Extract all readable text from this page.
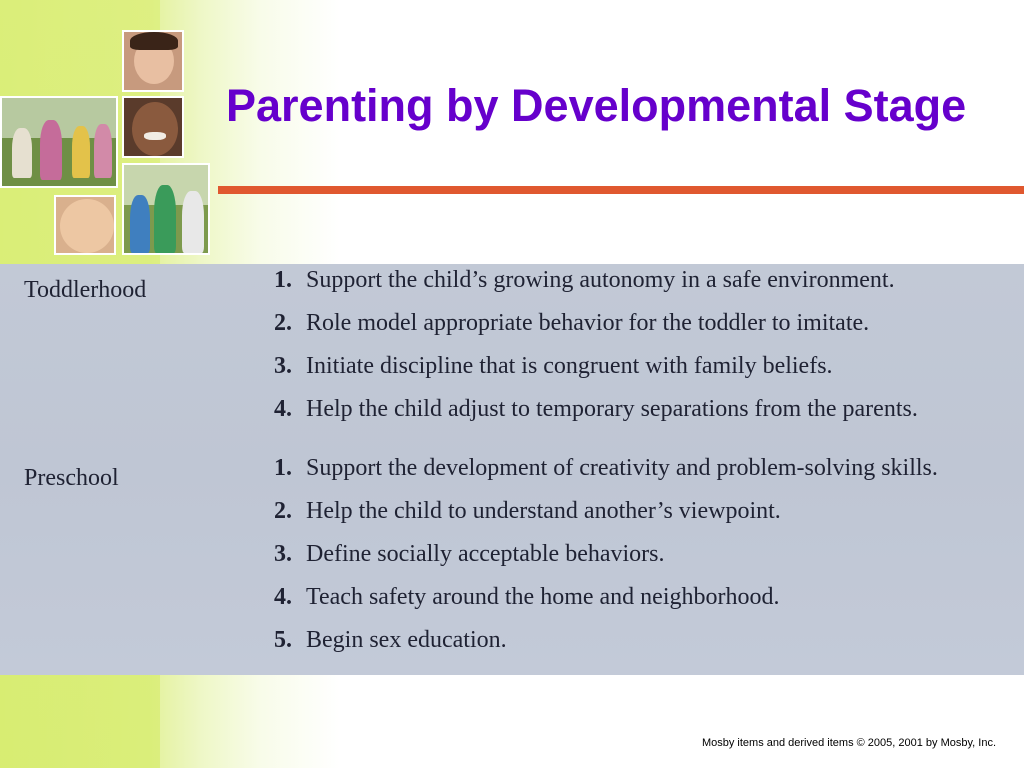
Parenting by Developmental Stage
Toddlerhood	1. Support the child’s growing autonomy in a safe environment.
2. Role model appropriate behavior for the toddler to imitate.
3. Initiate discipline that is congruent with family beliefs.
4. Help the child adjust to temporary separations from the parents.
Preschool	1. Support the development of creativity and problem-solving skills.
2. Help the child to understand another’s viewpoint.
3. Define socially acceptable behaviors.
4. Teach safety around the home and neighborhood.
5. Begin sex education.
Mosby items and derived items © 2005, 2001 by Mosby, Inc.
